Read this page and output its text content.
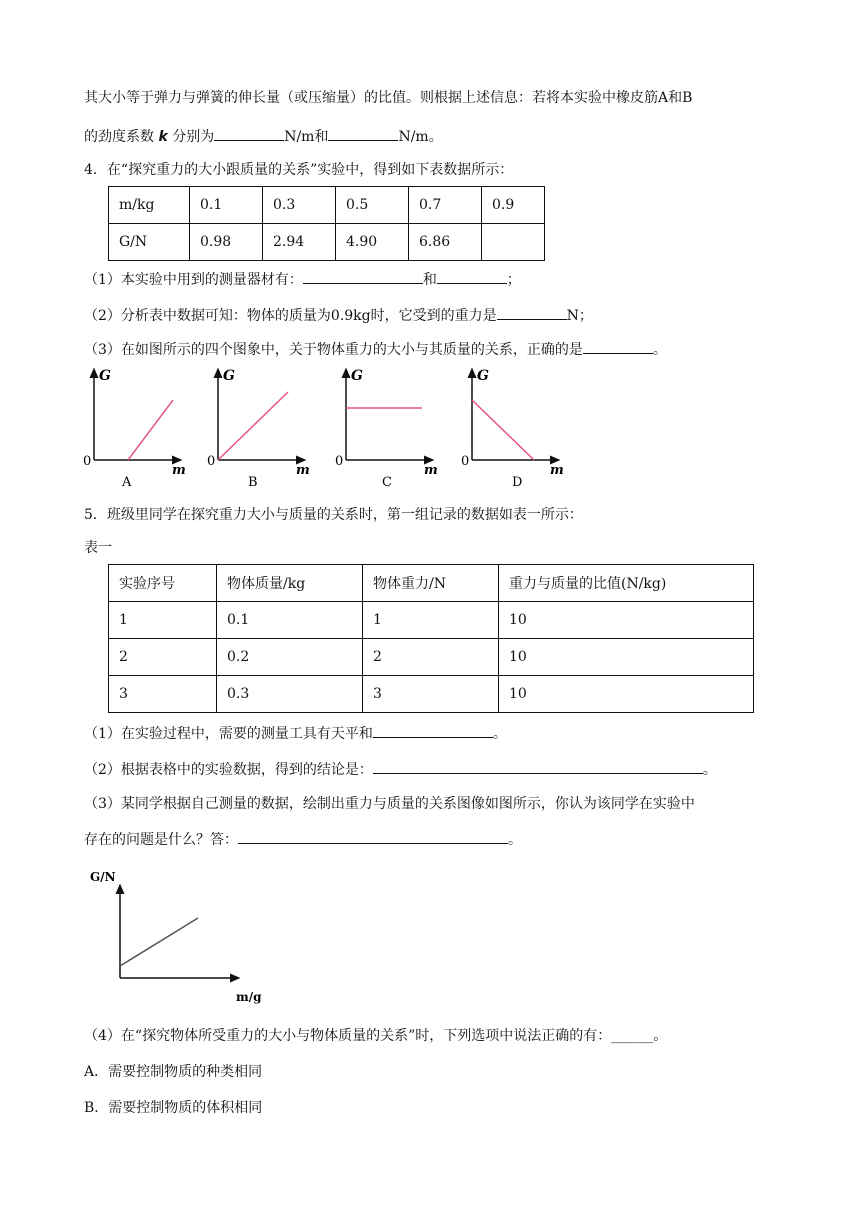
其大小等于弹力与弹簧的伸长量（或压缩量）的比值。则根据上述信息：若将本实验中橡皮筋A和B
的劲度系数 k 分别为	N/m和	N/m。
4．在“探究重力的大小跟质量的关系”实验中，得到如下表数据所示：
m/kg	0.1	0.3	0.5	0.7	0.9
G/N	0.98	2.94	4.90	6.86	
（1）本实验中用到的测量器材有：	和	；
（2）分析表中数据可知：物体的质量为0.9kg时，它受到的重力是	N；
（3）在如图所示的四个图象中，关于物体重力的大小与其质量的关系，正确的是	。
G
0
m
A
G
0
m
B
G
0
m
C
G
0
m
D
5．班级里同学在探究重力大小与质量的关系时，第一组记录的数据如表一所示：
表一
实验序号	物体质量/kg	物体重力/N	重力与质量的比值(N/kg)
1	0.1	1	10
2	0.2	2	10
3	0.3	3	10
（1）在实验过程中，需要的测量工具有天平和	。
（2）根据表格中的实验数据，得到的结论是：	。
（3）某同学根据自己测量的数据，绘制出重力与质量的关系图像如图所示，你认为该同学在实验中
存在的问题是什么？答：	。
G/N
m/g
（4）在“探究物体所受重力的大小与物体质量的关系”时，下列选项中说法正确的有：______。
A．需要控制物质的种类相同
B．需要控制物质的体积相同
